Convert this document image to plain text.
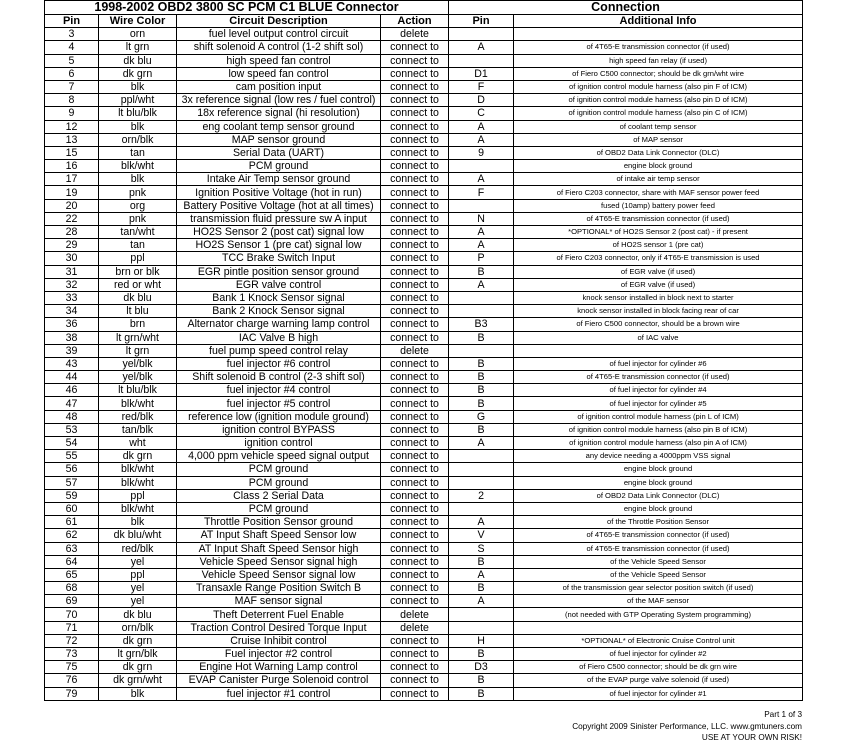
1998-2002 OBD2 3800 SC PCM C1 BLUE Connector				Connection	
Pin	Wire Color	Circuit Description	Action	Pin	Additional Info
3	orn	fuel level output control circuit	delete		
4	lt grn	shift solenoid A control (1-2 shift sol)	connect to	A	of 4T65-E transmission connector (if used)
5	dk blu	high speed fan control	connect to		high speed fan relay (if used)
6	dk grn	low speed fan control	connect to	D1	of Fiero C500 connector; should be dk grn/wht wire
7	blk	cam position input	connect to	F	of ignition control module harness (also pin F of ICM)
8	ppl/wht	3x reference signal (low res / fuel control)	connect to	D	of ignition control module harness (also pin D of ICM)
9	lt blu/blk	18x reference signal (hi resolution)	connect to	C	of ignition control module harness (also pin C of ICM)
12	blk	eng coolant temp sensor ground	connect to	A	of coolant temp sensor
13	orn/blk	MAP sensor ground	connect to	A	of MAP sensor
15	tan	Serial Data (UART)	connect to	9	of OBD2 Data Link Connector (DLC)
16	blk/wht	PCM ground	connect to		engine block ground
17	blk	Intake Air Temp sensor ground	connect to	A	of intake air temp sensor
19	pnk	Ignition Positive Voltage (hot in run)	connect to	F	of Fiero C203 connector, share with MAF sensor power feed
20	org	Battery Positive Voltage (hot at all times)	connect to		fused (10amp) battery power feed
22	pnk	transmission fluid pressure sw A input	connect to	N	of 4T65-E transmission connector (if used)
28	tan/wht	HO2S Sensor 2 (post cat) signal low	connect to	A	*OPTIONAL* of HO2S Sensor 2 (post cat) - if present
29	tan	HO2S Sensor 1 (pre cat) signal low	connect to	A	of HO2S sensor 1 (pre cat)
30	ppl	TCC Brake Switch Input	connect to	P	of Fiero C203 connector, only if 4T65-E transmission is used
31	brn or blk	EGR pintle position sensor ground	connect to	B	of EGR valve (if used)
32	red or wht	EGR valve control	connect to	A	of EGR valve (if used)
33	dk blu	Bank 1 Knock Sensor signal	connect to		knock sensor installed in block next to starter
34	lt blu	Bank 2 Knock Sensor signal	connect to		knock sensor installed in block facing rear of car
36	brn	Alternator charge warning lamp control	connect to	B3	of Fiero C500 connector, should be a brown wire
38	lt grn/wht	IAC Valve B high	connect to	B	of IAC valve
39	lt grn	fuel pump speed control relay	delete		
43	yel/blk	fuel injector #6 control	connect to	B	of fuel injector for cylinder #6
44	yel/blk	Shift solenoid B control (2-3 shift sol)	connect to	B	of 4T65-E transmission connector (if used)
46	lt blu/blk	fuel injector #4 control	connect to	B	of fuel injector for cylinder #4
47	blk/wht	fuel injector #5 control	connect to	B	of fuel injector for cylinder #5
48	red/blk	reference low (ignition module ground)	connect to	G	of ignition control module harness (pin L of ICM)
53	tan/blk	ignition control BYPASS	connect to	B	of ignition control module harness (also pin B of ICM)
54	wht	ignition control	connect to	A	of ignition control module harness (also pin A of ICM)
55	dk grn	4,000 ppm vehicle speed signal output	connect to		any device needing a 4000ppm VSS signal
56	blk/wht	PCM ground	connect to		engine block ground
57	blk/wht	PCM ground	connect to		engine block ground
59	ppl	Class 2 Serial Data	connect to	2	of OBD2 Data Link Connector (DLC)
60	blk/wht	PCM ground	connect to		engine block ground
61	blk	Throttle Position Sensor ground	connect to	A	of the Throttle Position Sensor
62	dk blu/wht	AT Input Shaft Speed Sensor low	connect to	V	of 4T65-E transmission connector (if used)
63	red/blk	AT Input Shaft Speed Sensor high	connect to	S	of 4T65-E transmission connector (if used)
64	yel	Vehicle Speed Sensor signal high	connect to	B	of the Vehicle Speed Sensor
65	ppl	Vehicle Speed Sensor signal low	connect to	A	of the Vehicle Speed Sensor
68	yel	Transaxle Range Position Switch B	connect to	B	of the transmission gear selector position switch (if used)
69	yel	MAF sensor signal	connect to	A	of the MAF sensor
70	dk blu	Theft Deterrent Fuel Enable	delete		(not needed with GTP Operating System programming)
71	orn/blk	Traction Control Desired Torque Input	delete		
72	dk grn	Cruise Inhibit control	connect to	H	*OPTIONAL* of Electronic Cruise Control unit
73	lt grn/blk	Fuel injector #2 control	connect to	B	of fuel injector for cylinder #2
75	dk grn	Engine Hot Warning Lamp control	connect to	D3	of Fiero C500 connector; should be dk grn wire
76	dk grn/wht	EVAP Canister Purge Solenoid control	connect to	B	of the EVAP purge valve solenoid (if used)
79	blk	fuel injector #1 control	connect to	B	of fuel injector for cylinder #1
Part 1 of 3
Copyright 2009 Sinister Performance, LLC. www.gmtuners.com
USE AT YOUR OWN RISK!
